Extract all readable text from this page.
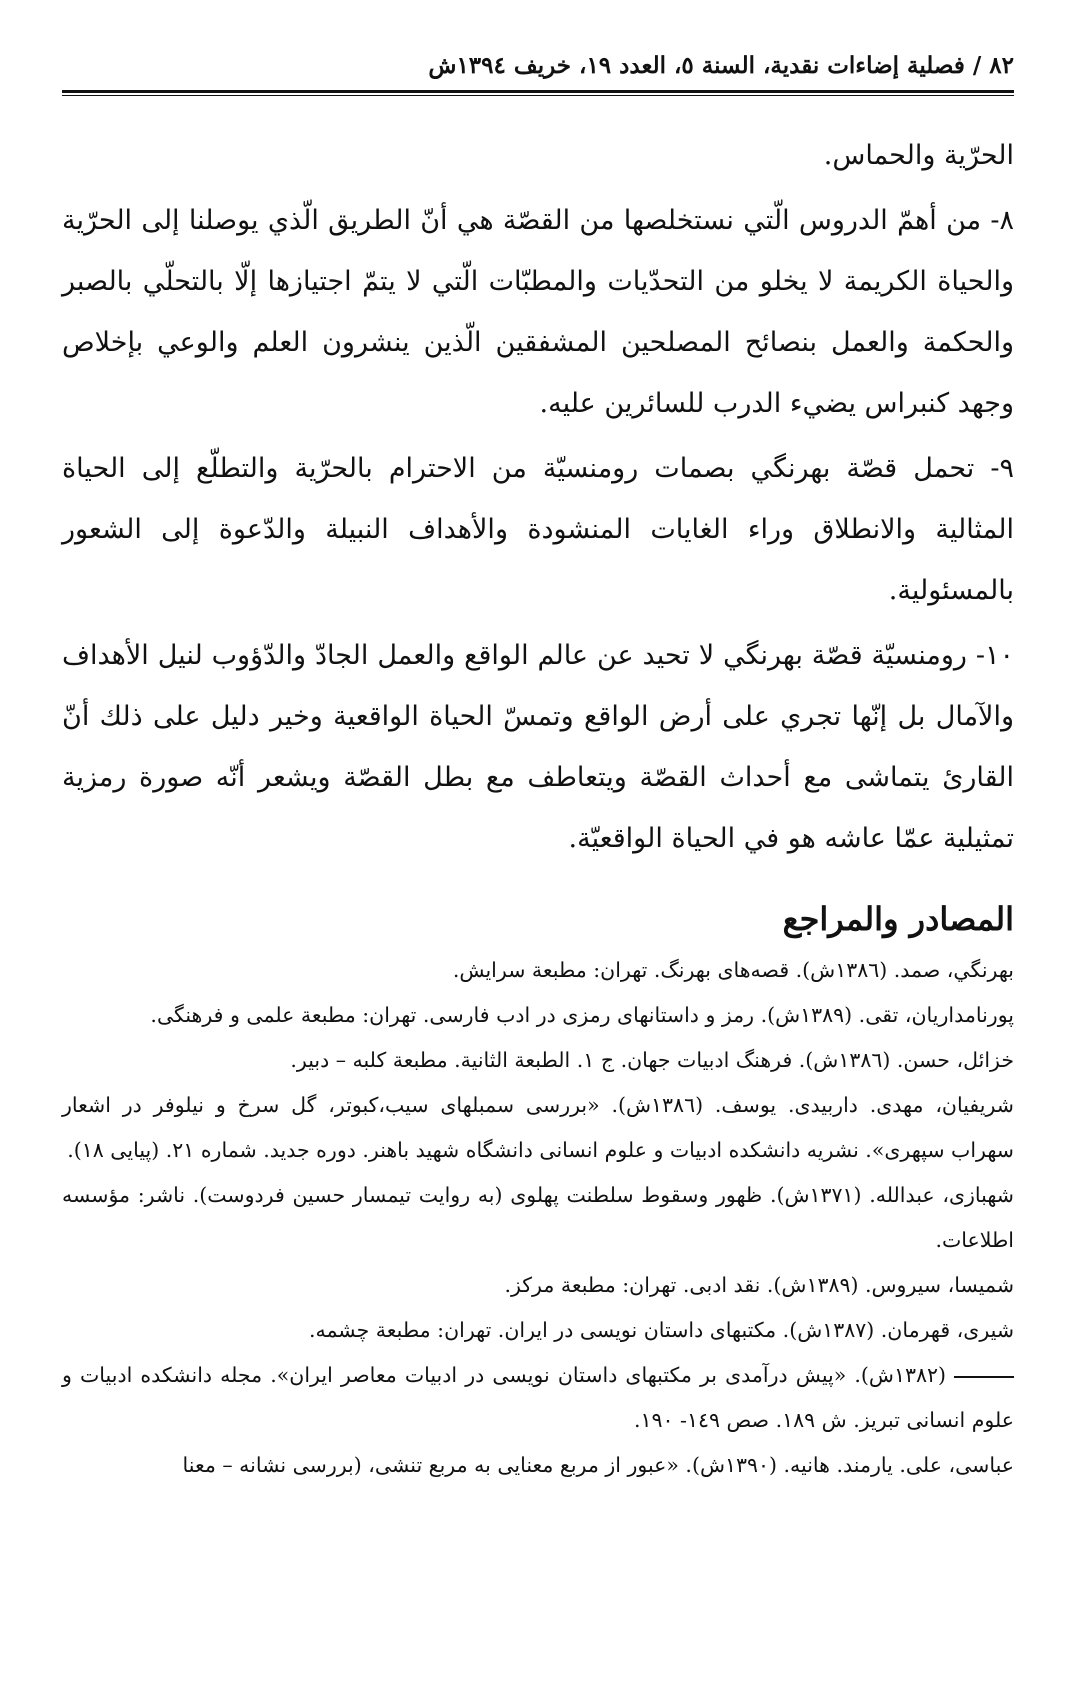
٨٢ / فصلية إضاءات نقدية، السنة ٥، العدد ١٩، خريف ١٣٩٤ش

الحرّية والحماس.

٨- من أهمّ الدروس الّتي نستخلصها من القصّة هي أنّ الطريق الّذي يوصلنا إلى الحرّية والحياة الكريمة لا يخلو من التحدّيات والمطبّات الّتي لا يتمّ اجتيازها إلّا بالتحلّي بالصبر والحكمة والعمل بنصائح المصلحين المشفقين الّذين ينشرون العلم والوعي بإخلاص وجهد كنبراس يضيء الدرب للسائرين عليه.

٩- تحمل قصّة بهرنگي بصمات رومنسيّة من الاحترام بالحرّية والتطلّع إلى الحياة المثالية والانطلاق وراء الغايات المنشودة والأهداف النبيلة والدّعوة إلى الشعور بالمسئولية.

١٠- رومنسيّة قصّة بهرنگي لا تحيد عن عالم الواقع والعمل الجادّ والدّؤوب لنيل الأهداف والآمال بل إنّها تجري على أرض الواقع وتمسّ الحياة الواقعية وخير دليل على ذلك أنّ القارئ يتماشى مع أحداث القصّة ويتعاطف مع بطل القصّة ويشعر أنّه صورة رمزية تمثيلية عمّا عاشه هو في الحياة الواقعيّة.

المصادر والمراجع

بهرنگي، صمد. (١٣٨٦ش). قصه‌های بهرنگ. تهران: مطبعة سرايش.

پورنامداريان، تقی. (١٣٨٩ش). رمز و داستانهای رمزی در ادب فارسی. تهران: مطبعة علمی و فرهنگی.

خزائل، حسن. (١٣٨٦ش). فرهنگ ادبيات جهان. ج ١. الطبعة الثانية. مطبعة كلبه – دبير.

شريفيان، مهدی. داربيدی. يوسف. (١٣٨٦ش). «بررسی سمبلهای سيب،كبوتر، گل سرخ و نيلوفر در اشعار سهراب سپهری». نشريه دانشكده ادبيات و علوم انسانی دانشگاه شهيد باهنر. دوره جديد. شماره ٢١. (پيايی ١٨).

شهبازی، عبدالله. (١٣٧١ش). ظهور وسقوط سلطنت پهلوی (به روايت تيمسار حسين فردوست). ناشر: مؤسسه اطلاعات.

شميسا، سيروس. (١٣٨٩ش). نقد ادبی. تهران: مطبعة مركز.

شيری، قهرمان. (١٣٨٧ش). مكتبهای داستان نويسی در ايران. تهران: مطبعة چشمه.

(١٣٨٢ش). «پيش درآمدی بر مكتبهای داستان نويسی در ادبيات معاصر ايران». مجله دانشكده ادبيات و علوم انسانی تبريز. ش ١٨٩. صص ١٤٩- ١٩٠.

عباسی، علی. يارمند. هانيه. (١٣٩٠ش). «عبور از مربع معنايی به مربع تنشی، (بررسی نشانه – معنا
